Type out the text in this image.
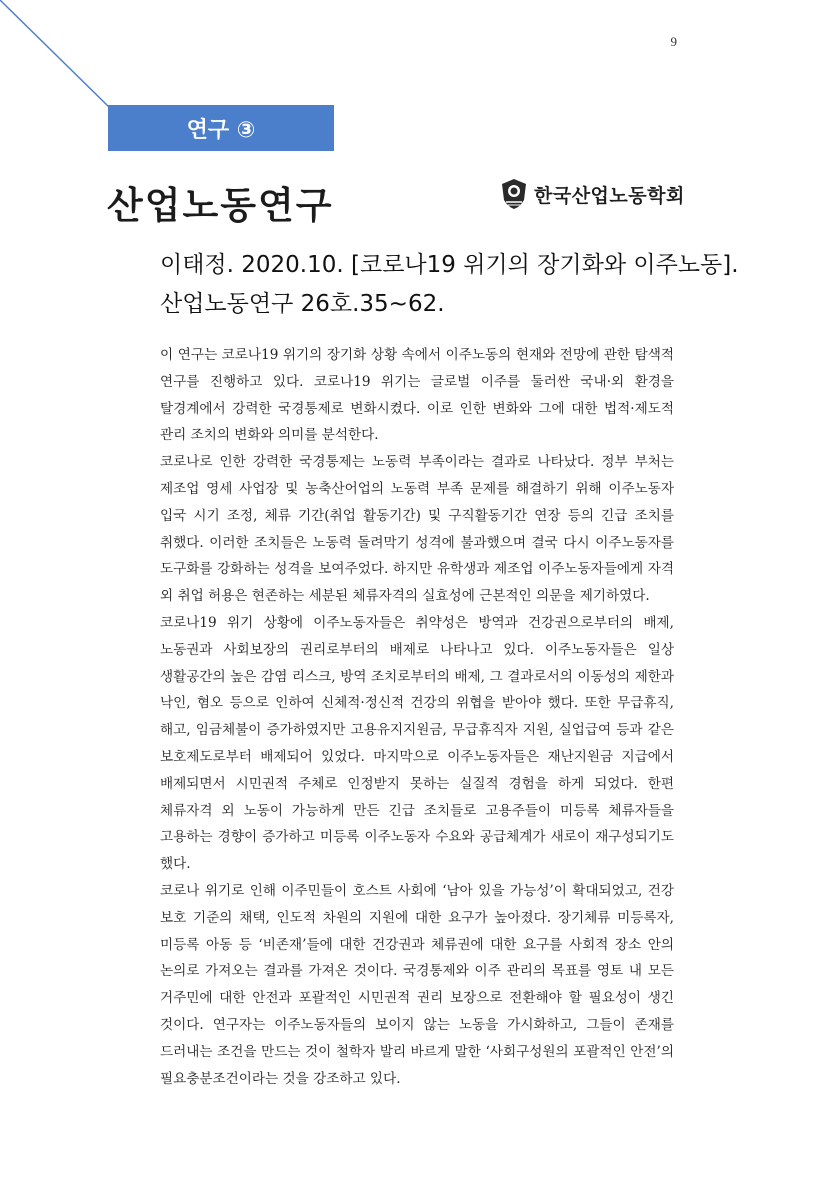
9
연구 ③
산업노동연구	한국산업노동학회
이태정. 2020.10. [코로나19 위기의 장기화와 이주노동].
산업노동연구 26호.35~62.

이 연구는 코로나19 위기의 장기화 상황 속에서 이주노동의 현재와 전망에 관한 탐색적 연구를 진행하고 있다. 코로나19 위기는 글로벌 이주를 둘러싼 국내·외 환경을 탈경계에서 강력한 국경통제로 변화시켰다. 이로 인한 변화와 그에 대한 법적·제도적 관리 조치의 변화와 의미를 분석한다.

코로나로 인한 강력한 국경통제는 노동력 부족이라는 결과로 나타났다. 정부 부처는 제조업 영세 사업장 및 농축산어업의 노동력 부족 문제를 해결하기 위해 이주노동자 입국 시기 조정, 체류 기간(취업 활동기간) 및 구직활동기간 연장 등의 긴급 조치를 취했다. 이러한 조치들은 노동력 돌려막기 성격에 불과했으며 결국 다시 이주노동자를 도구화를 강화하는 성격을 보여주었다. 하지만 유학생과 제조업 이주노동자들에게 자격 외 취업 허용은 현존하는 세분된 체류자격의 실효성에 근본적인 의문을 제기하였다.

코로나19 위기 상황에 이주노동자들은 취약성은 방역과 건강권으로부터의 배제, 노동권과 사회보장의 권리로부터의 배제로 나타나고 있다. 이주노동자들은 일상 생활공간의 높은 감염 리스크, 방역 조치로부터의 배제, 그 결과로서의 이동성의 제한과 낙인, 혐오 등으로 인하여 신체적·정신적 건강의 위협을 받아야 했다. 또한 무급휴직, 해고, 임금체불이 증가하였지만 고용유지지원금, 무급휴직자 지원, 실업급여 등과 같은 보호제도로부터 배제되어 있었다. 마지막으로 이주노동자들은 재난지원금 지급에서 배제되면서 시민권적 주체로 인정받지 못하는 실질적 경험을 하게 되었다. 한편 체류자격 외 노동이 가능하게 만든 긴급 조치들로 고용주들이 미등록 체류자들을 고용하는 경향이 증가하고 미등록 이주노동자 수요와 공급체계가 새로이 재구성되기도 했다.

코로나 위기로 인해 이주민들이 호스트 사회에 ‘남아 있을 가능성’이 확대되었고, 건강 보호 기준의 채택, 인도적 차원의 지원에 대한 요구가 높아졌다. 장기체류 미등록자, 미등록 아동 등 ‘비존재’들에 대한 건강권과 체류권에 대한 요구를 사회적 장소 안의 논의로 가져오는 결과를 가져온 것이다. 국경통제와 이주 관리의 목표를 영토 내 모든 거주민에 대한 안전과 포괄적인 시민권적 권리 보장으로 전환해야 할 필요성이 생긴 것이다. 연구자는 이주노동자들의 보이지 않는 노동을 가시화하고, 그들이 존재를 드러내는 조건을 만드는 것이 철학자 발리 바르게 말한 ‘사회구성원의 포괄적인 안전’의 필요충분조건이라는 것을 강조하고 있다.
